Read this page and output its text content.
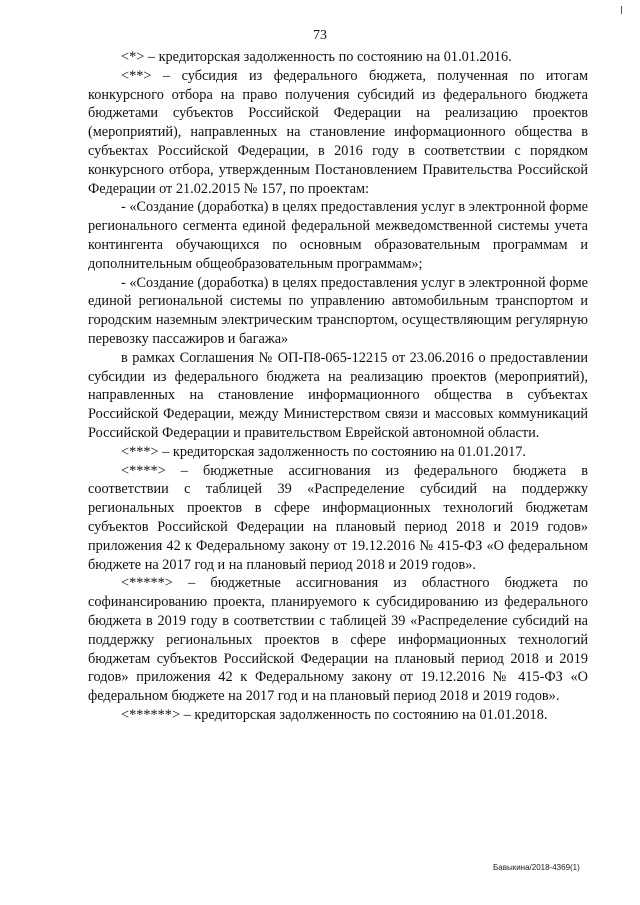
73

<*> – кредиторская задолженность по состоянию на 01.01.2016.

<**> – субсидия из федерального бюджета, полученная по итогам конкурсного отбора на право получения субсидий из федерального бюджета бюджетами субъектов Российской Федерации на реализацию проектов (мероприятий), направленных на становление информационного общества в субъектах Российской Федерации, в 2016 году в соответствии с порядком конкурсного отбора, утвержденным Постановлением Правительства Российской Федерации от 21.02.2015 № 157, по проектам:

- «Создание (доработка) в целях предоставления услуг в электронной форме регионального сегмента единой федеральной межведомственной системы учета контингента обучающихся по основным образовательным программам и дополнительным общеобразовательным программам»;

- «Создание (доработка) в целях предоставления услуг в электронной форме единой региональной системы по управлению автомобильным транспортом и городским наземным электрическим транспортом, осуществляющим регулярную перевозку пассажиров и багажа»

в рамках Соглашения № ОП-П8-065-12215 от 23.06.2016 о предоставлении субсидии из федерального бюджета на реализацию проектов (мероприятий), направленных на становление информационного общества в субъектах Российской Федерации, между Министерством связи и массовых коммуникаций Российской Федерации и правительством Еврейской автономной области.

<***> – кредиторская задолженность по состоянию на 01.01.2017.

<****> – бюджетные ассигнования из федерального бюджета в соответствии с таблицей 39 «Распределение субсидий на поддержку региональных проектов в сфере информационных технологий бюджетам субъектов Российской Федерации на плановый период 2018 и 2019 годов» приложения 42 к Федеральному закону от 19.12.2016 № 415-ФЗ «О федеральном бюджете на 2017 год и на плановый период 2018 и 2019 годов».

<*****> – бюджетные ассигнования из областного бюджета по софинансированию проекта, планируемого к субсидированию из федерального бюджета в 2019 году в соответствии с таблицей 39 «Распределение субсидий на поддержку региональных проектов в сфере информационных технологий бюджетам субъектов Российской Федерации на плановый период 2018 и 2019 годов» приложения 42 к Федеральному закону от 19.12.2016 № 415-ФЗ «О федеральном бюджете на 2017 год и на плановый период 2018 и 2019 годов».

<******> – кредиторская задолженность по состоянию на 01.01.2018.

Бавыкина/2018-4369(1)
